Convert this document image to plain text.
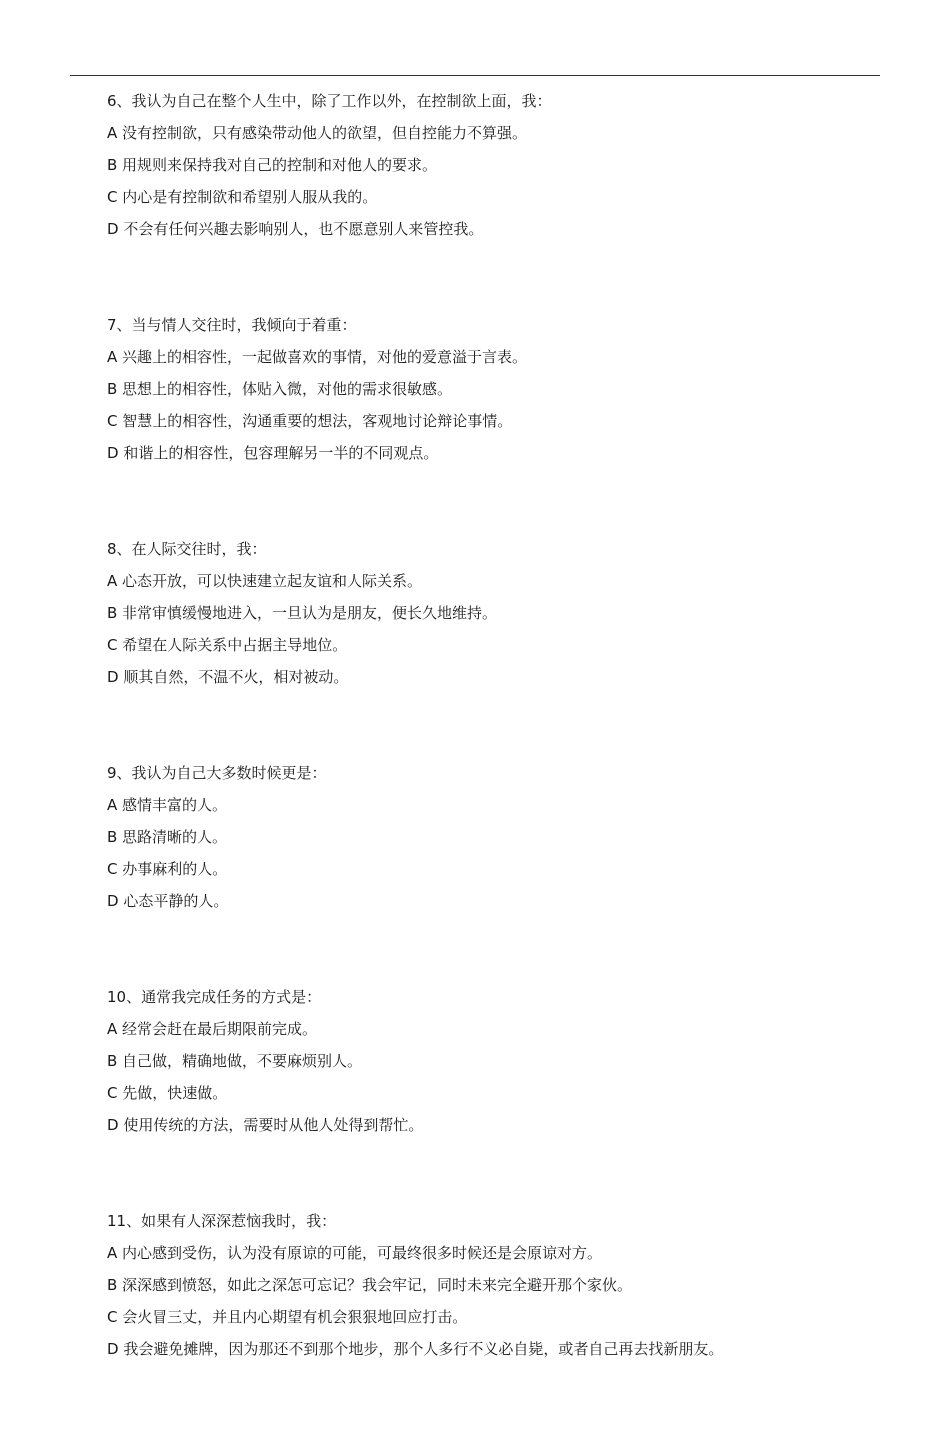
6、我认为自己在整个人生中，除了工作以外，在控制欲上面，我：
A 没有控制欲，只有感染带动他人的欲望，但自控能力不算强。
B 用规则来保持我对自己的控制和对他人的要求。
C 内心是有控制欲和希望别人服从我的。
D 不会有任何兴趣去影响别人，也不愿意别人来管控我。
7、当与情人交往时，我倾向于着重：
A 兴趣上的相容性，一起做喜欢的事情，对他的爱意溢于言表。
B 思想上的相容性，体贴入微，对他的需求很敏感。
C 智慧上的相容性，沟通重要的想法，客观地讨论辩论事情。
D 和谐上的相容性，包容理解另一半的不同观点。
8、在人际交往时，我：
A 心态开放，可以快速建立起友谊和人际关系。
B 非常审慎缓慢地进入，一旦认为是朋友，便长久地维持。
C 希望在人际关系中占据主导地位。
D 顺其自然，不温不火，相对被动。
9、我认为自己大多数时候更是：
A 感情丰富的人。
B 思路清晰的人。
C 办事麻利的人。
D 心态平静的人。
10、通常我完成任务的方式是：
A 经常会赶在最后期限前完成。
B 自己做，精确地做，不要麻烦别人。
C 先做，快速做。
D 使用传统的方法，需要时从他人处得到帮忙。
11、如果有人深深惹恼我时，我：
A 内心感到受伤，认为没有原谅的可能，可最终很多时候还是会原谅对方。
B 深深感到愤怒，如此之深怎可忘记？我会牢记，同时未来完全避开那个家伙。
C 会火冒三丈，并且内心期望有机会狠狠地回应打击。
D 我会避免摊牌，因为那还不到那个地步，那个人多行不义必自毙，或者自己再去找新朋友。
